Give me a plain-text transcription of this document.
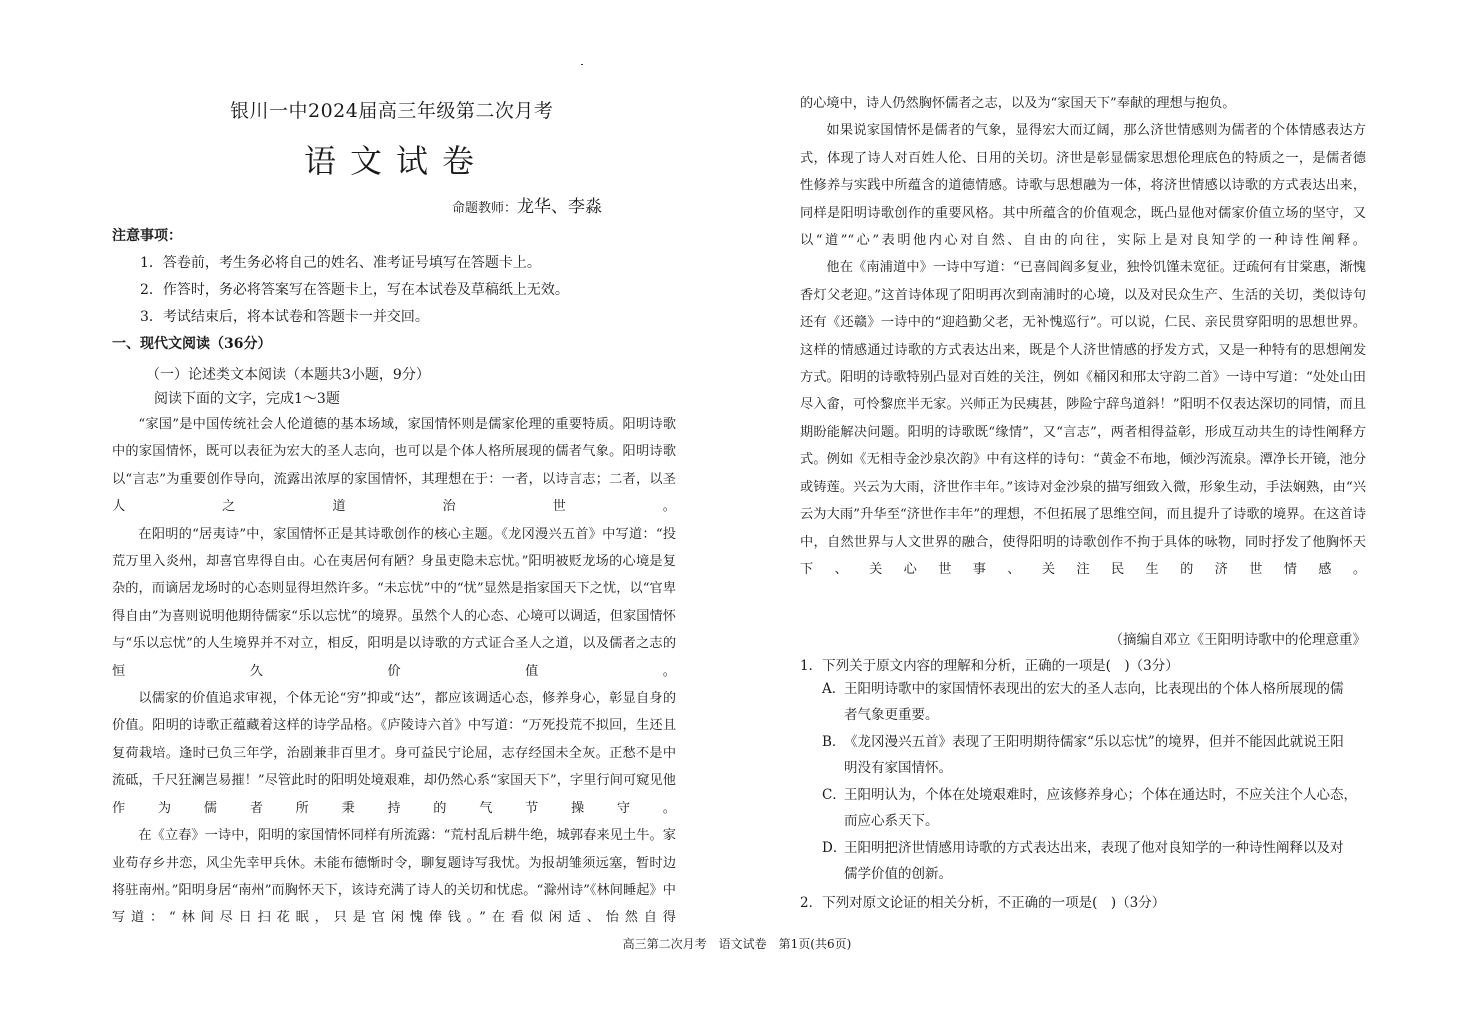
银川一中2024届高三年级第二次月考
语文试卷
命题教师：龙华、李淼
注意事项：
1．答卷前，考生务必将自己的姓名、准考证号填写在答题卡上。
2．作答时，务必将答案写在答题卡上，写在本试卷及草稿纸上无效。
3．考试结束后，将本试卷和答题卡一并交回。
一、现代文阅读（36分）
（一）论述类文本阅读（本题共3小题，9分）
阅读下面的文字，完成1～3题

“家国”是中国传统社会人伦道德的基本场域，家国情怀则是儒家伦理的重要特质。阳明诗歌中的家国情怀，既可以表征为宏大的圣人志向，也可以是个体人格所展现的儒者气象。阳明诗歌以“言志”为重要创作导向，流露出浓厚的家国情怀，其理想在于：一者，以诗言志；二者，以圣人之道治世。

在阳明的“居夷诗”中，家国情怀正是其诗歌创作的核心主题。《龙冈漫兴五首》中写道：“投荒万里入炎州，却喜官卑得自由。心在夷居何有陋？身虽吏隐未忘忧。”阳明被贬龙场的心境是复杂的，而谪居龙场时的心态则显得坦然许多。“未忘忧”中的“忧”显然是指家国天下之忧，以“官卑得自由”为喜则说明他期待儒家“乐以忘忧”的境界。虽然个人的心态、心境可以调适，但家国情怀与“乐以忘忧”的人生境界并不对立，相反，阳明是以诗歌的方式证合圣人之道，以及儒者之志的恒久价值。

以儒家的价值追求审视，个体无论“穷”抑或“达”，都应该调适心态，修养身心，彰显自身的价值。阳明的诗歌正蕴藏着这样的诗学品格。《庐陵诗六首》中写道：“万死投荒不拟回，生还且复荷栽培。逢时已负三年学，治剧兼非百里才。身可益民宁论屈，志存经国未全灰。正愁不是中流砥，千尺狂澜岂易摧！”尽管此时的阳明处境艰难，却仍然心系“家国天下”，字里行间可窥见他作为儒者所秉持的气节操守。

在《立春》一诗中，阳明的家国情怀同样有所流露：“荒村乱后耕牛绝，城郭春来见土牛。家业苟存乡井恋，风尘先幸甲兵休。未能布德惭时令，聊复题诗写我忧。为报胡雏须远塞，暂时边将驻南州。”阳明身居“南州”而胸怀天下，该诗充满了诗人的关切和忧虑。“滁州诗”《林间睡起》中写道：“林间尽日扫花眠，只是官闲愧俸钱。”在看似闲适、怡然自得

的心境中，诗人仍然胸怀儒者之志，以及为“家国天下”奉献的理想与抱负。

如果说家国情怀是儒者的气象，显得宏大而辽阔，那么济世情感则为儒者的个体情感表达方式，体现了诗人对百姓人伦、日用的关切。济世是彰显儒家思想伦理底色的特质之一，是儒者德性修养与实践中所蕴含的道德情感。诗歌与思想融为一体，将济世情感以诗歌的方式表达出来，同样是阳明诗歌创作的重要风格。其中所蕴含的价值观念，既凸显他对儒家价值立场的坚守，又以“道”“心”表明他内心对自然、自由的向往，实际上是对良知学的一种诗性阐释。

他在《南浦道中》一诗中写道：“已喜闾阎多复业，独怜饥馑未宽征。迂疏何有甘棠惠，渐愧香灯父老迎。”这首诗体现了阳明再次到南浦时的心境，以及对民众生产、生活的关切，类似诗句还有《还赣》一诗中的“迎趋勤父老，无补愧巡行”。可以说，仁民、亲民贯穿阳明的思想世界。这样的情感通过诗歌的方式表达出来，既是个人济世情感的抒发方式，又是一种特有的思想阐发方式。阳明的诗歌特别凸显对百姓的关注，例如《桶冈和邢太守韵二首》一诗中写道：“处处山田尽入畲，可怜黎庶半无家。兴师正为民痍甚，陟险宁辞鸟道斜！”阳明不仅表达深切的同情，而且期盼能解决问题。阳明的诗歌既“缘情”，又“言志”，两者相得益彰，形成互动共生的诗性阐释方式。例如《无相寺金沙泉次韵》中有这样的诗句：“黄金不布地，倾沙泻流泉。潭净长开镜，池分或铸莲。兴云为大雨，济世作丰年。”该诗对金沙泉的描写细致入微，形象生动，手法娴熟，由“兴云为大雨”升华至“济世作丰年”的理想，不但拓展了思维空间，而且提升了诗歌的境界。在这首诗中，自然世界与人文世界的融合，使得阳明的诗歌创作不拘于具体的咏物，同时抒发了他胸怀天下、关心世事、关注民生的济世情感。

（摘编自邓立《王阳明诗歌中的伦理意重》
1．下列关于原文内容的理解和分析，正确的一项是(　)（3分）
A．王阳明诗歌中的家国情怀表现出的宏大的圣人志向，比表现出的个体人格所展现的儒
者气象更重要。
B．《龙冈漫兴五首》表现了王阳明期待儒家“乐以忘忧”的境界，但并不能因此就说王阳
明没有家国情怀。
C．王阳明认为，个体在处境艰难时，应该修养身心；个体在通达时，不应关注个人心态，
而应心系天下。
D．王阳明把济世情感用诗歌的方式表达出来，表现了他对良知学的一种诗性阐释以及对
儒学价值的创新。
2．下列对原文论证的相关分析，不正确的一项是(　)（3分）
高三第二次月考　语文试卷　第1页(共6页)
